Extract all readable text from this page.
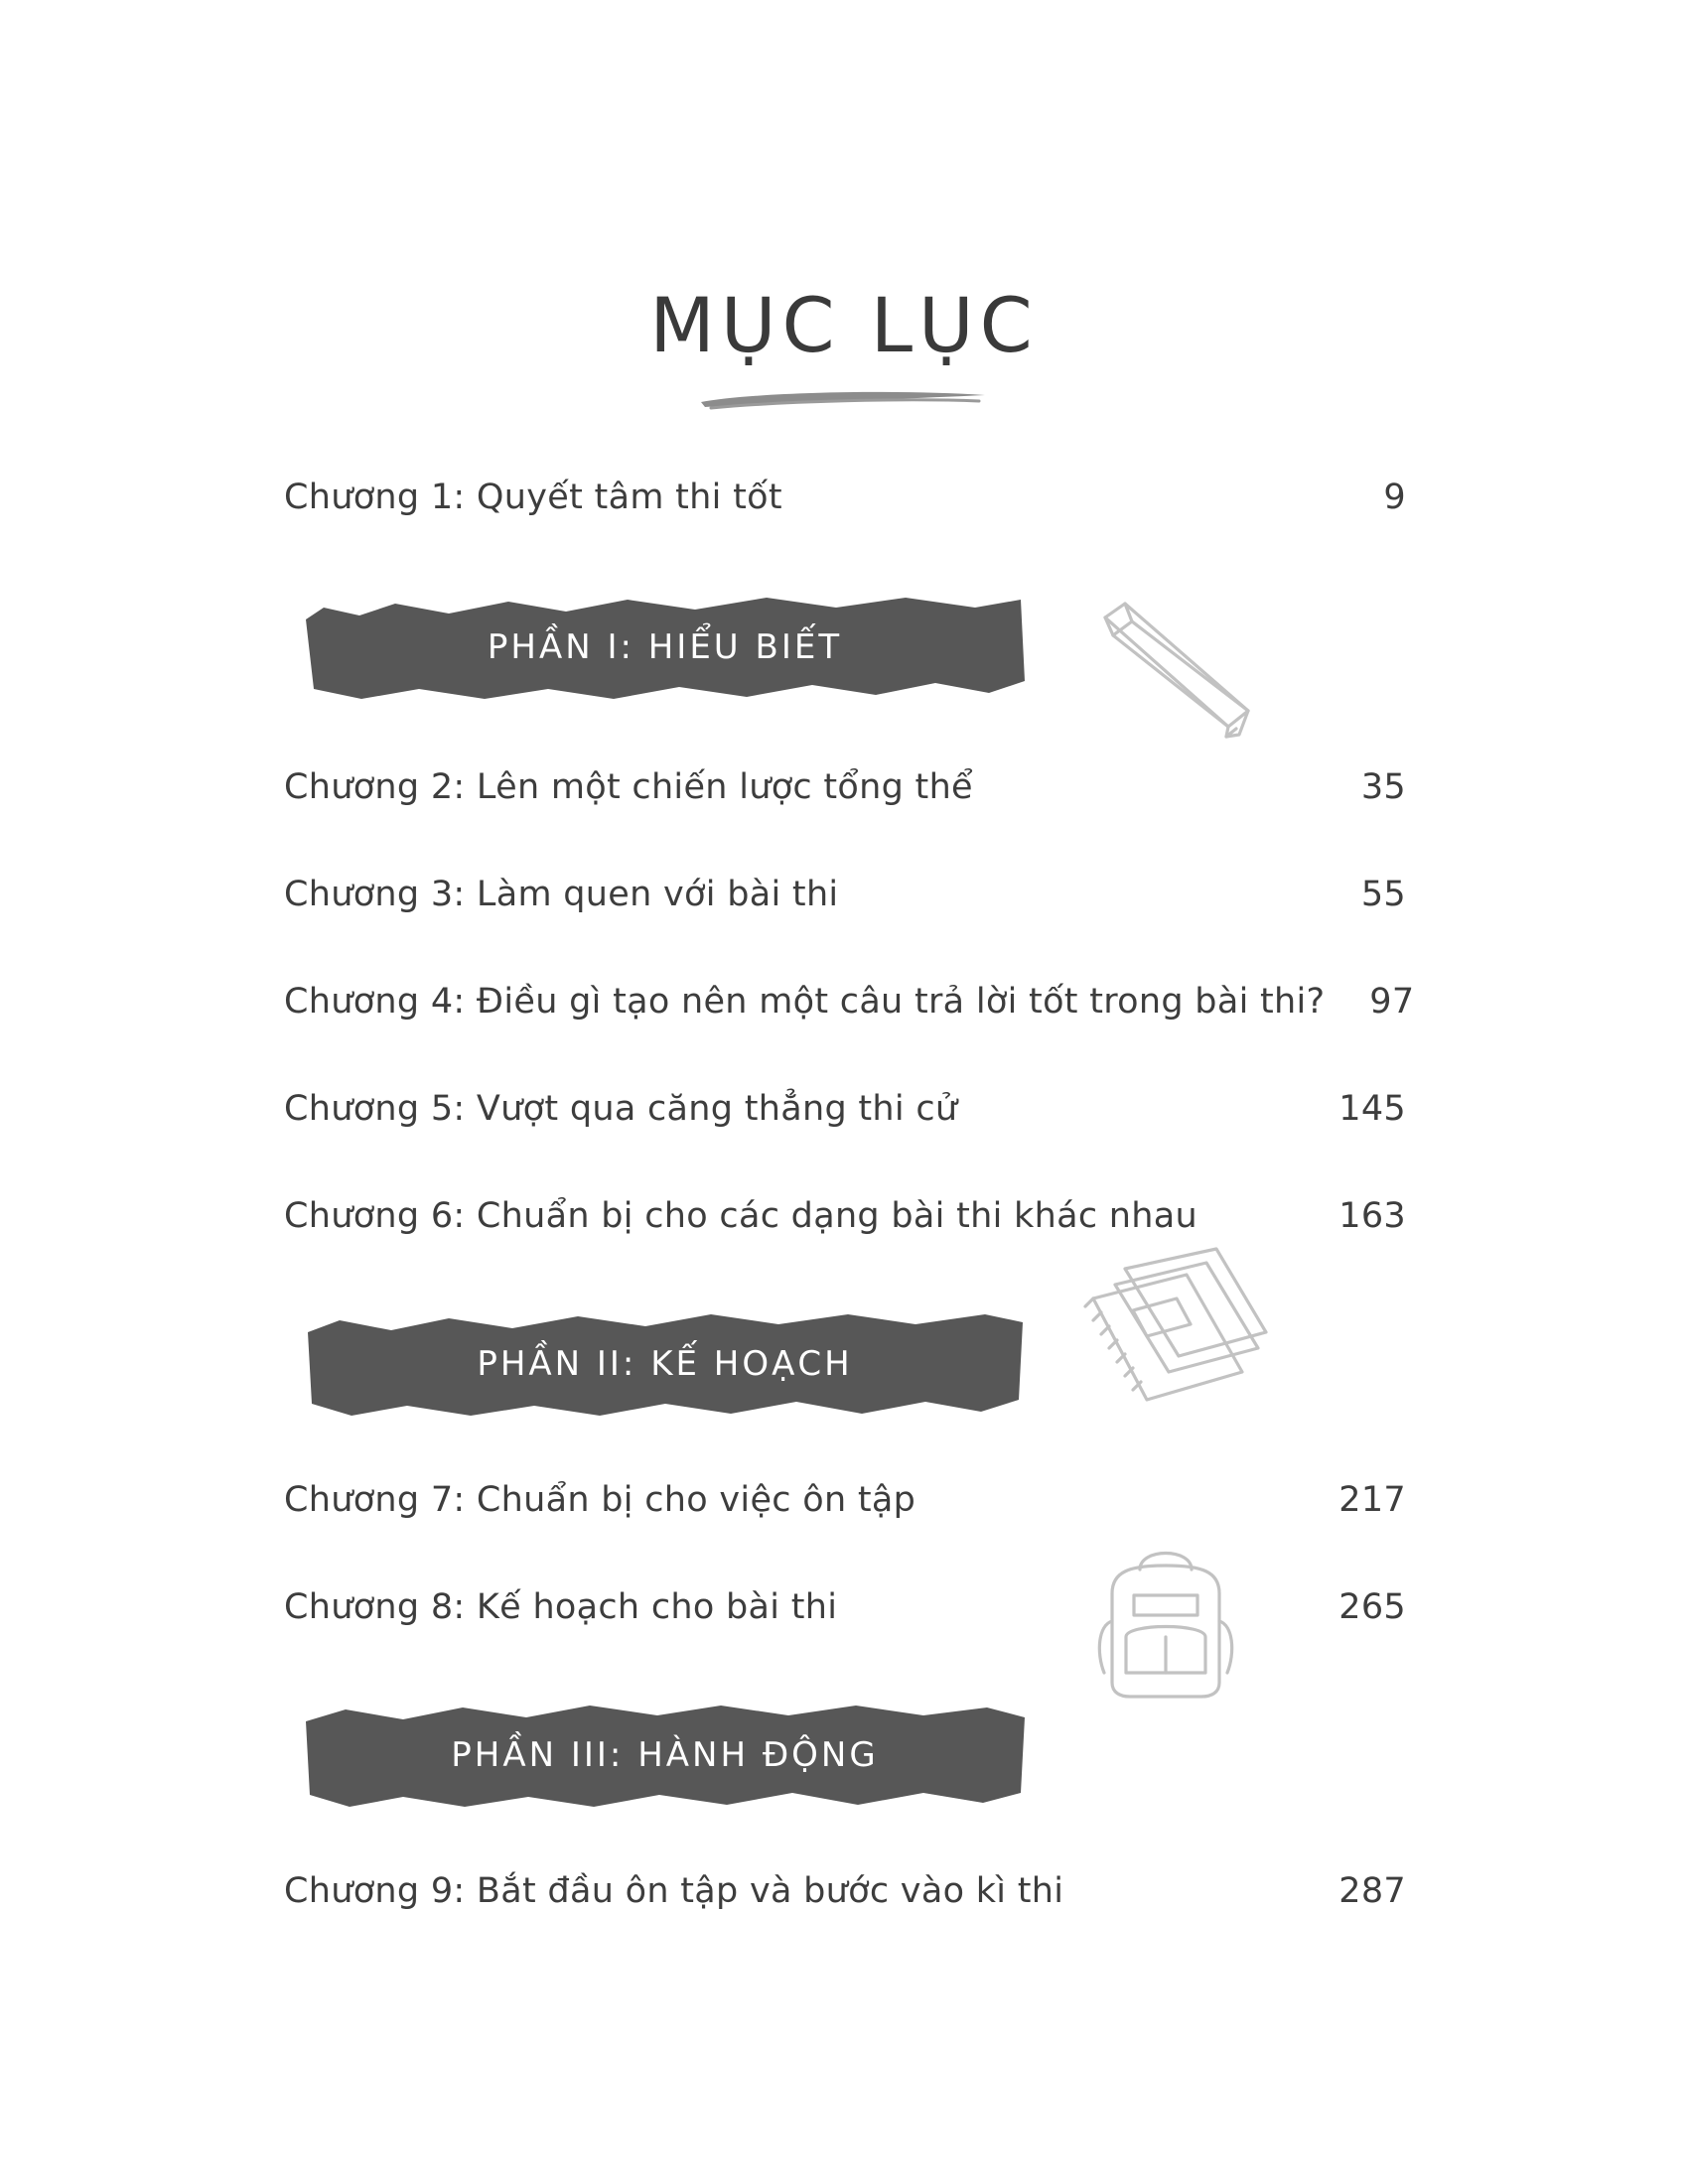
MỤC LỤC
Chương 1: Quyết tâm thi tốt	9
PHẦN I: HIỂU BIẾT
Chương 2: Lên một chiến lược tổng thể	35
Chương 3: Làm quen với bài thi	55
Chương 4: Điều gì tạo nên một câu trả lời tốt trong bài thi?	97
Chương 5: Vượt qua căng thẳng thi cử	145
Chương 6: Chuẩn bị cho các dạng bài thi khác nhau	163
PHẦN II: KẾ HOẠCH
Chương 7: Chuẩn bị cho việc ôn tập	217
Chương 8: Kế hoạch cho bài thi	265
PHẦN III: HÀNH ĐỘNG
Chương 9: Bắt đầu ôn tập và bước vào kì thi	287
